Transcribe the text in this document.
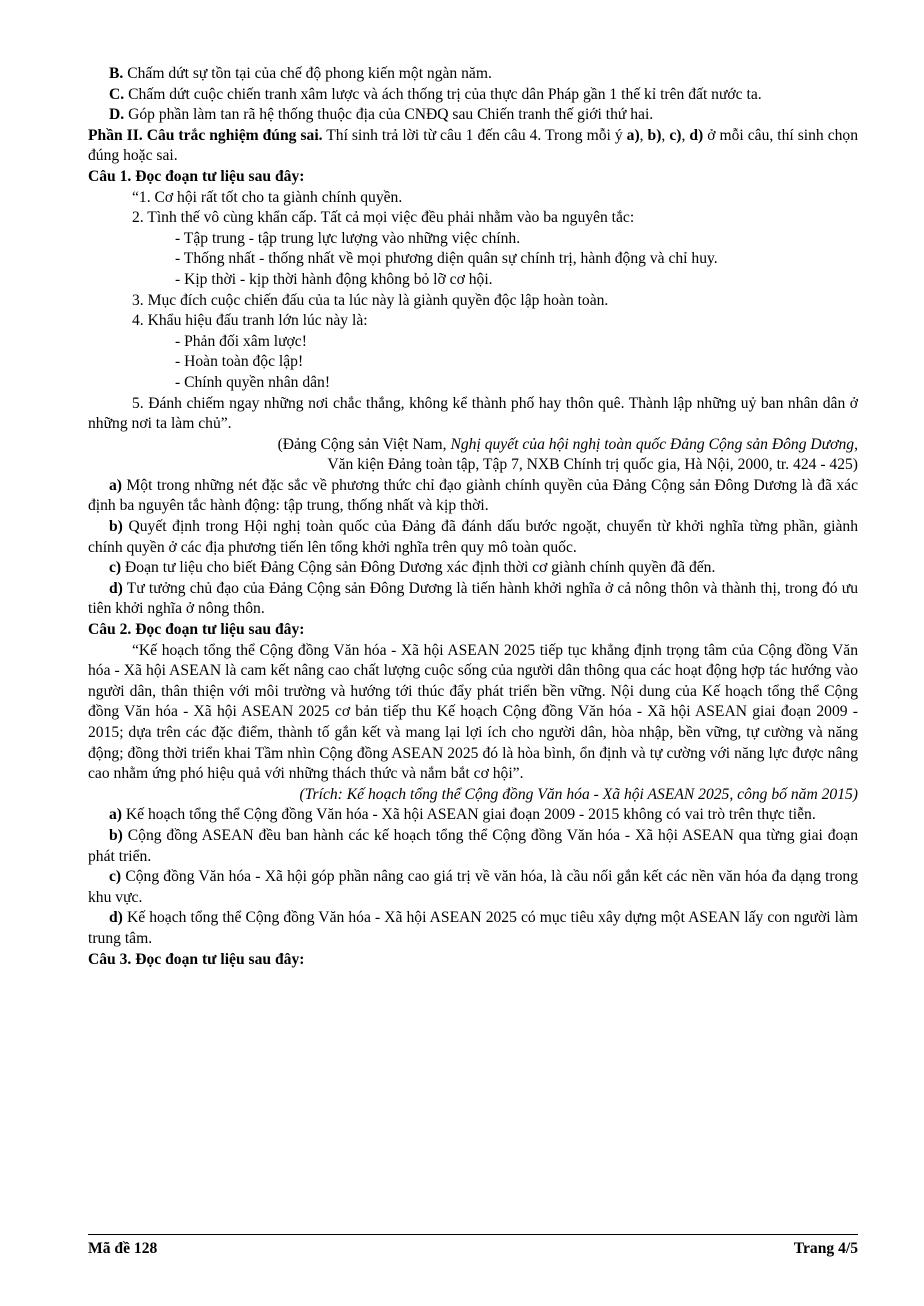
B. Chấm dứt sự tồn tại của chế độ phong kiến một ngàn năm.

C. Chấm dứt cuộc chiến tranh xâm lược và ách thống trị của thực dân Pháp gần 1 thế kỉ trên đất nước ta.

D. Góp phần làm tan rã hệ thống thuộc địa của CNĐQ sau Chiến tranh thế giới thứ hai.

Phần II. Câu trắc nghiệm đúng sai. Thí sinh trả lời từ câu 1 đến câu 4. Trong mỗi ý a), b), c), d) ở mỗi câu, thí sinh chọn đúng hoặc sai.

Câu 1. Đọc đoạn tư liệu sau đây:

“1. Cơ hội rất tốt cho ta giành chính quyền.

2. Tình thế vô cùng khẩn cấp. Tất cả mọi việc đều phải nhằm vào ba nguyên tắc:

- Tập trung - tập trung lực lượng vào những việc chính.

- Thống nhất - thống nhất về mọi phương diện quân sự chính trị, hành động và chỉ huy.

- Kịp thời - kịp thời hành động không bỏ lỡ cơ hội.

3. Mục đích cuộc chiến đấu của ta lúc này là giành quyền độc lập hoàn toàn.

4. Khẩu hiệu đấu tranh lớn lúc này là:

- Phản đối xâm lược!

- Hoàn toàn độc lập!

- Chính quyền nhân dân!

5. Đánh chiếm ngay những nơi chắc thắng, không kể thành phố hay thôn quê. Thành lập những uỷ ban nhân dân ở những nơi ta làm chủ”.

(Đảng Cộng sản Việt Nam, Nghị quyết của hội nghị toàn quốc Đảng Cộng sản Đông Dương,

Văn kiện Đảng toàn tập, Tập 7, NXB Chính trị quốc gia, Hà Nội, 2000, tr. 424 - 425)

a) Một trong những nét đặc sắc về phương thức chỉ đạo giành chính quyền của Đảng Cộng sản Đông Dương là đã xác định ba nguyên tắc hành động: tập trung, thống nhất và kịp thời.

b) Quyết định trong Hội nghị toàn quốc của Đảng đã đánh dấu bước ngoặt, chuyển từ khởi nghĩa từng phần, giành chính quyền ở các địa phương tiến lên tổng khởi nghĩa trên quy mô toàn quốc.

c) Đoạn tư liệu cho biết Đảng Cộng sản Đông Dương xác định thời cơ giành chính quyền đã đến.

d) Tư tưởng chủ đạo của Đảng Cộng sản Đông Dương là tiến hành khởi nghĩa ở cả nông thôn và thành thị, trong đó ưu tiên khởi nghĩa ở nông thôn.

Câu 2. Đọc đoạn tư liệu sau đây:

“Kế hoạch tổng thể Cộng đồng Văn hóa - Xã hội ASEAN 2025 tiếp tục khẳng định trọng tâm của Cộng đồng Văn hóa - Xã hội ASEAN là cam kết nâng cao chất lượng cuộc sống của người dân thông qua các hoạt động hợp tác hướng vào người dân, thân thiện với môi trường và hướng tới thúc đẩy phát triển bền vững. Nội dung của Kế hoạch tổng thể Cộng đồng Văn hóa - Xã hội ASEAN 2025 cơ bản tiếp thu Kế hoạch Cộng đồng Văn hóa - Xã hội ASEAN giai đoạn 2009 - 2015; dựa trên các đặc điểm, thành tố gắn kết và mang lại lợi ích cho người dân, hòa nhập, bền vững, tự cường và năng động; đồng thời triển khai Tầm nhìn Cộng đồng ASEAN 2025 đó là hòa bình, ổn định và tự cường với năng lực được nâng cao nhằm ứng phó hiệu quả với những thách thức và nắm bắt cơ hội”.

(Trích: Kế hoạch tổng thể Cộng đồng Văn hóa - Xã hội ASEAN 2025, công bố năm 2015)

a) Kế hoạch tổng thể Cộng đồng Văn hóa - Xã hội ASEAN giai đoạn 2009 - 2015 không có vai trò trên thực tiễn.

b) Cộng đồng ASEAN đều ban hành các kế hoạch tổng thể Cộng đồng Văn hóa - Xã hội ASEAN qua từng giai đoạn phát triển.

c) Cộng đồng Văn hóa - Xã hội góp phần nâng cao giá trị về văn hóa, là cầu nối gắn kết các nền văn hóa đa dạng trong khu vực.

d) Kế hoạch tổng thể Cộng đồng Văn hóa - Xã hội ASEAN 2025 có mục tiêu xây dựng một ASEAN lấy con người làm trung tâm.

Câu 3. Đọc đoạn tư liệu sau đây:

Mã đề 128	Trang 4/5
